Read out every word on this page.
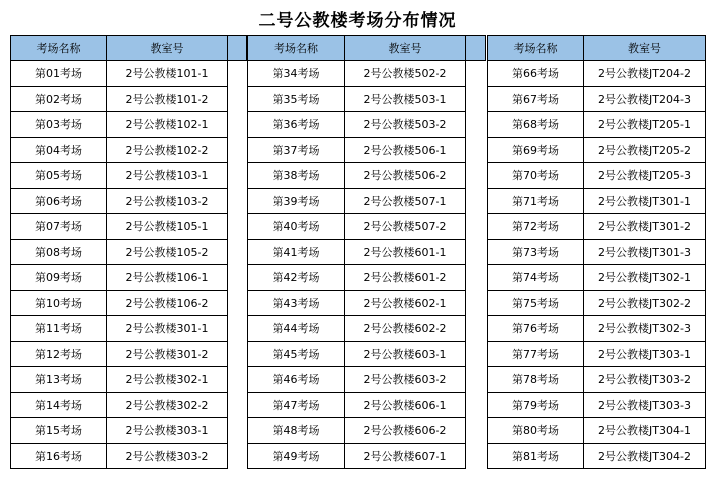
二号公教楼考场分布情况
考场名称	教室号	
第01考场	2号公教楼101-1	
第02考场	2号公教楼101-2	
第03考场	2号公教楼102-1	
第04考场	2号公教楼102-2	
第05考场	2号公教楼103-1	
第06考场	2号公教楼103-2	
第07考场	2号公教楼105-1	
第08考场	2号公教楼105-2	
第09考场	2号公教楼106-1	
第10考场	2号公教楼106-2	
第11考场	2号公教楼301-1	
第12考场	2号公教楼301-2	
第13考场	2号公教楼302-1	
第14考场	2号公教楼302-2	
第15考场	2号公教楼303-1	
第16考场	2号公教楼303-2	
考场名称	教室号	
第34考场	2号公教楼502-2	
第35考场	2号公教楼503-1	
第36考场	2号公教楼503-2	
第37考场	2号公教楼506-1	
第38考场	2号公教楼506-2	
第39考场	2号公教楼507-1	
第40考场	2号公教楼507-2	
第41考场	2号公教楼601-1	
第42考场	2号公教楼601-2	
第43考场	2号公教楼602-1	
第44考场	2号公教楼602-2	
第45考场	2号公教楼603-1	
第46考场	2号公教楼603-2	
第47考场	2号公教楼606-1	
第48考场	2号公教楼606-2	
第49考场	2号公教楼607-1	
考场名称	教室号
第66考场	2号公教楼JT204-2
第67考场	2号公教楼JT204-3
第68考场	2号公教楼JT205-1
第69考场	2号公教楼JT205-2
第70考场	2号公教楼JT205-3
第71考场	2号公教楼JT301-1
第72考场	2号公教楼JT301-2
第73考场	2号公教楼JT301-3
第74考场	2号公教楼JT302-1
第75考场	2号公教楼JT302-2
第76考场	2号公教楼JT302-3
第77考场	2号公教楼JT303-1
第78考场	2号公教楼JT303-2
第79考场	2号公教楼JT303-3
第80考场	2号公教楼JT304-1
第81考场	2号公教楼JT304-2
